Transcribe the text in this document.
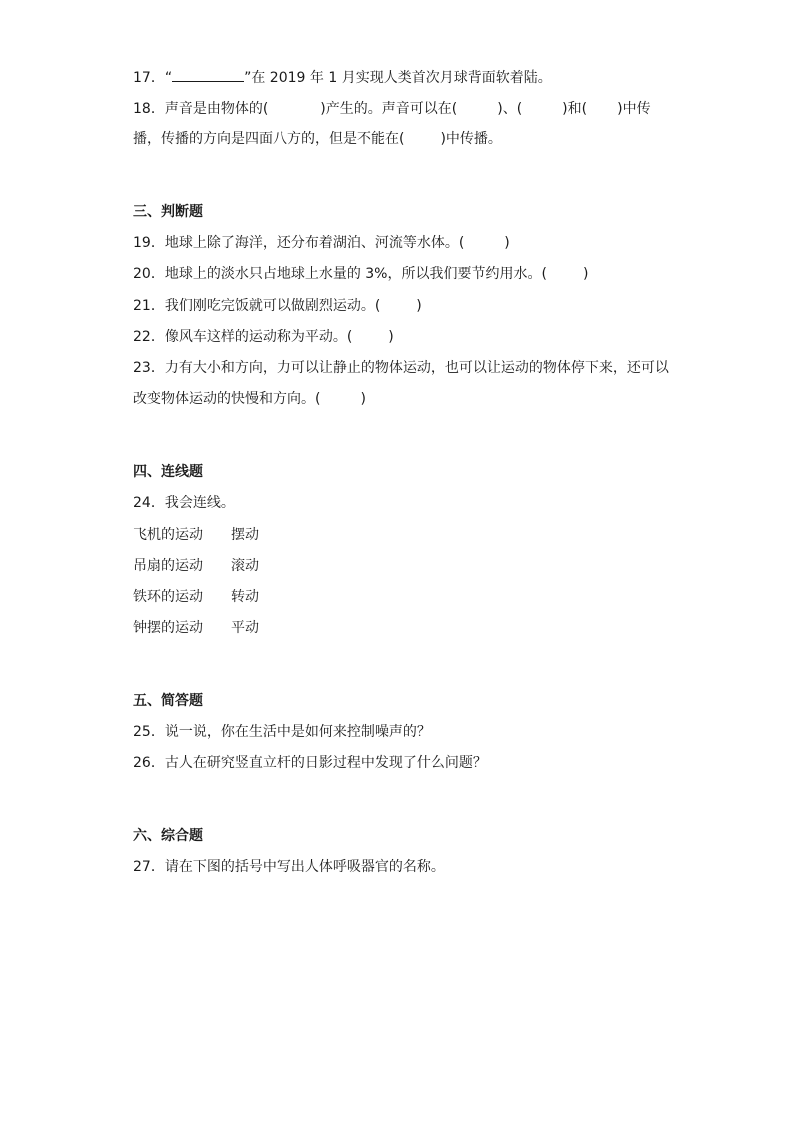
17．“	”在 2019 年 1 月实现人类首次月球背面软着陆。
18．声音是由物体的(	)产生的。声音可以在(	)、(	)和( )中传
播，传播的方向是四面八方的，但是不能在(	)中传播。
三、判断题
19．地球上除了海洋，还分布着湖泊、河流等水体。(	)
20．地球上的淡水只占地球上水量的 3%，所以我们要节约用水。(	)
21．我们刚吃完饭就可以做剧烈运动。(	)
22．像风车这样的运动称为平动。(	)
23．力有大小和方向，力可以让静止的物体运动，也可以让运动的物体停下来，还可以
改变物体运动的快慢和方向。(	)
四、连线题
24．我会连线。
飞机的运动 摆动
吊扇的运动 滚动
铁环的运动 转动
钟摆的运动 平动
五、简答题
25．说一说，你在生活中是如何来控制噪声的？
26．古人在研究竖直立杆的日影过程中发现了什么问题？
六、综合题
27．请在下图的括号中写出人体呼吸器官的名称。
